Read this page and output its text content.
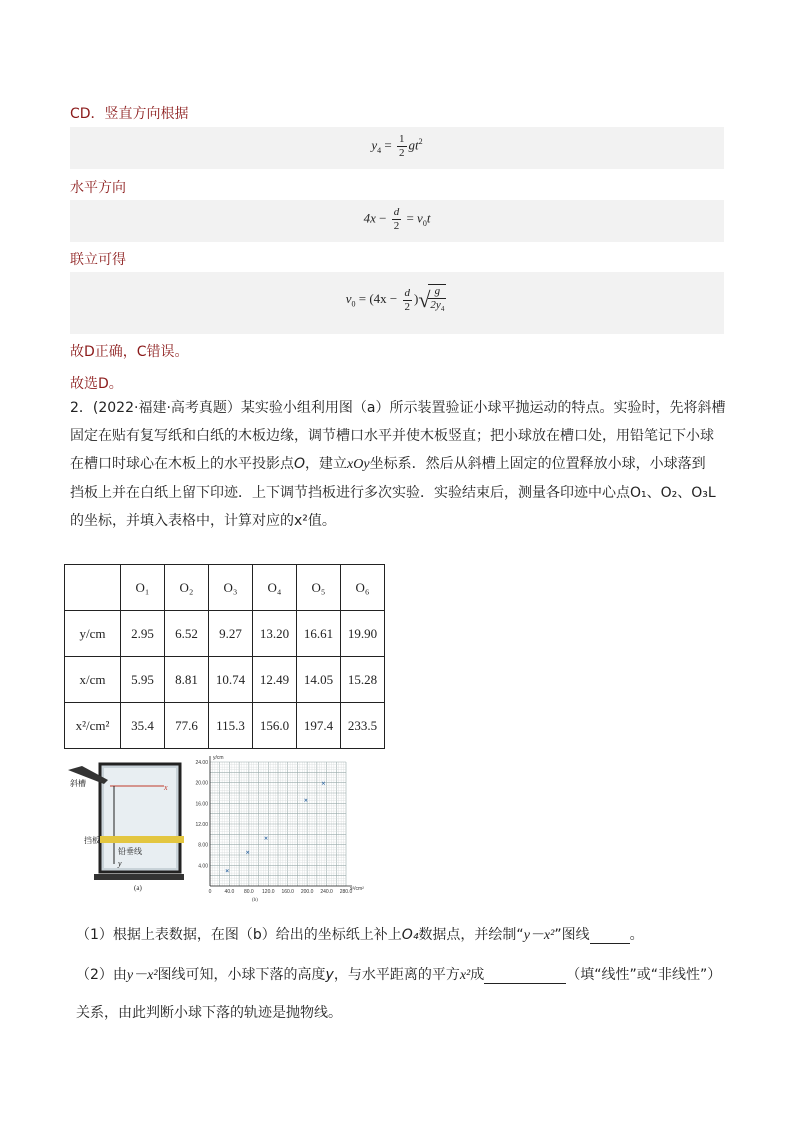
CD．竖直方向根据
$y_4 = \frac{1}{2} gt^2$
水平方向
$4x - \frac{d}{2} = v_0t$
联立可得
$v_0 = (4x - \frac{d}{2}$ )√
$\frac{g}{2y_4}$
故D正确，C错误。
故选D。
2．(2022·福建·高考真题）某实验小组利用图（a）所示装置验证小球平抛运动的特点。实验时，先将斜槽
固定在贴有复写纸和白纸的木板边缘，调节槽口水平并使木板竖直；把小球放在槽口处，用铅笔记下小球
在槽口时球心在木板上的水平投影点O，建立xOy坐标系．然后从斜槽上固定的位置释放小球，小球落到
挡板上并在白纸上留下印迹．上下调节挡板进行多次实验．实验结束后，测量各印迹中心点O₁、O₂、O₃L
的坐标，并填入表格中，计算对应的x²值。
	O₁	O₂	O₃	O₄	O₅	O₆
y/cm	2.95	6.52	9.27	13.20	16.61	19.90
x/cm	5.95	8.81	10.74	12.49	14.05	15.28
x²/cm²	35.4	77.6	115.3	156.0	197.4	233.5
斜槽
挡板
铅垂线
x
y
(a)
4.00
8.00
12.00
16.00
20.00
24.00
0	40.0 80.0 120.0 160.0 200.0 240.0 280.0
y/cm
x²/cm²
(b)
（1）根据上表数据，在图（b）给出的坐标纸上补上O₄数据点，并绘制“y－x²”图线	。
（2）由y－x²图线可知，小球下落的高度y，与水平距离的平方x²成	（填“线性”或“非线性”）
关系，由此判断小球下落的轨迹是抛物线。
